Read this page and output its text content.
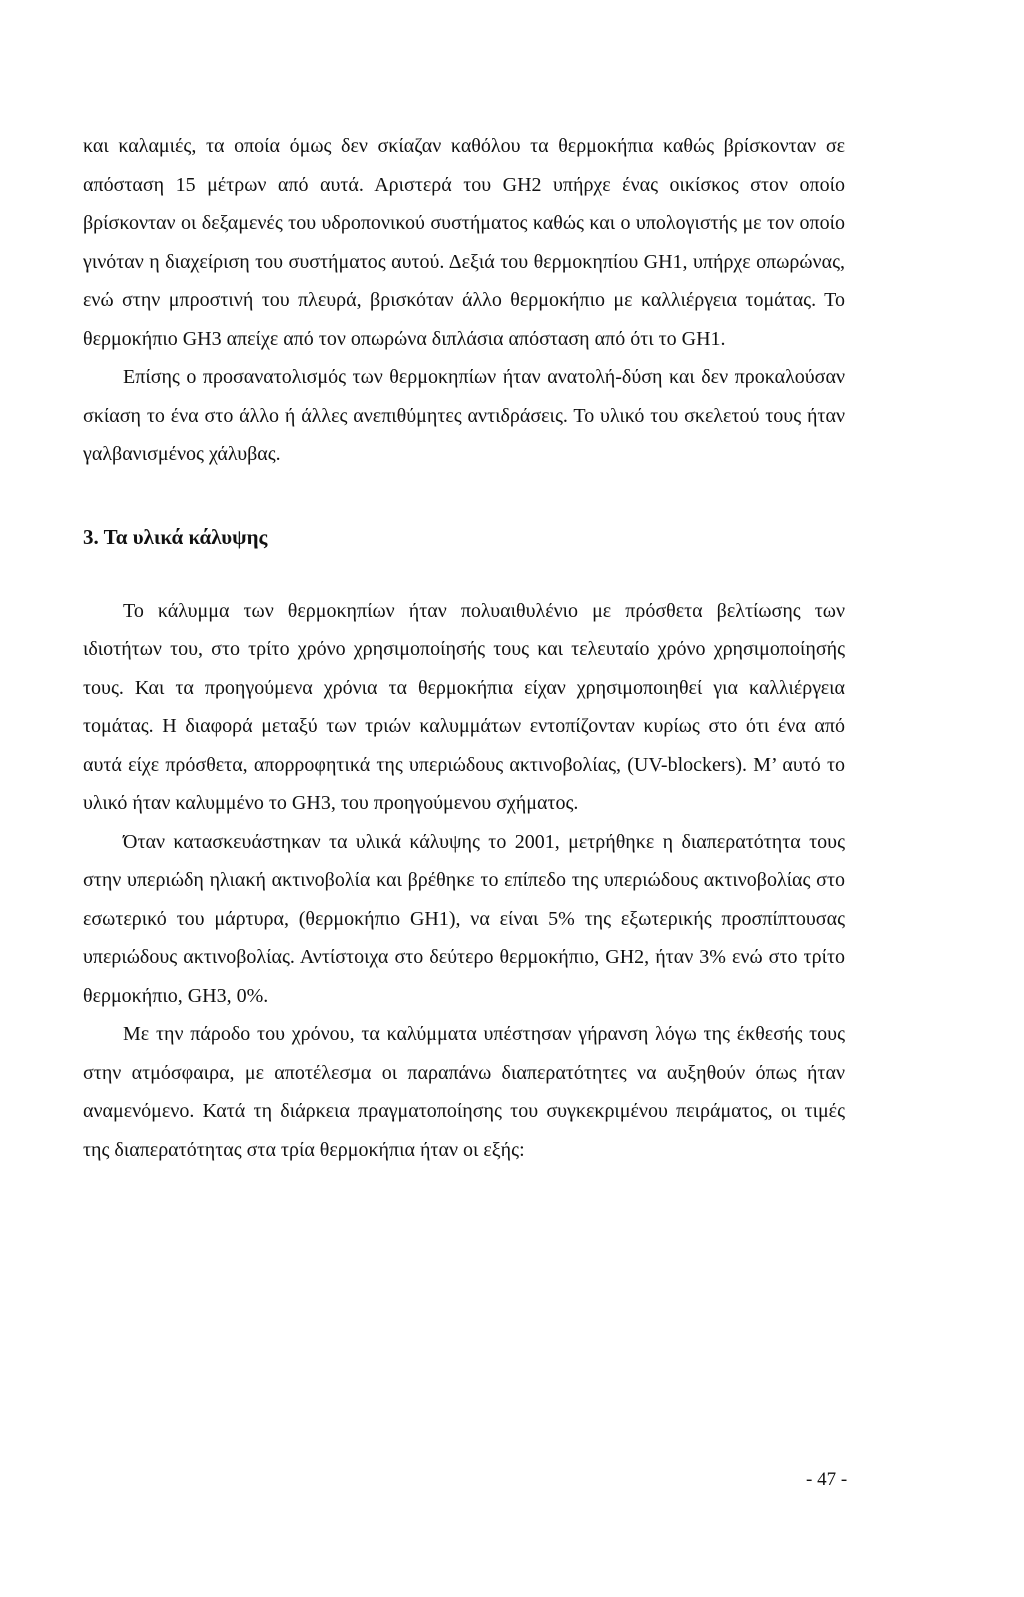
και καλαμιές, τα οποία όμως δεν σκίαζαν καθόλου τα θερμοκήπια καθώς βρίσκονταν σε απόσταση 15 μέτρων από αυτά. Αριστερά του GH2 υπήρχε ένας οικίσκος στον οποίο βρίσκονταν οι δεξαμενές του υδροπονικού συστήματος καθώς και ο υπολογιστής με τον οποίο γινόταν η διαχείριση του συστήματος αυτού. Δεξιά του θερμοκηπίου GH1, υπήρχε οπωρώνας, ενώ στην μπροστινή του πλευρά, βρισκόταν άλλο θερμοκήπιο με καλλιέργεια τομάτας. Το θερμοκήπιο GH3 απείχε από τον οπωρώνα διπλάσια απόσταση από ότι το GH1.

Επίσης ο προσανατολισμός των θερμοκηπίων ήταν ανατολή-δύση και δεν προκαλούσαν σκίαση το ένα στο άλλο ή άλλες ανεπιθύμητες αντιδράσεις. Το υλικό του σκελετού τους ήταν γαλβανισμένος χάλυβας.

3. Τα υλικά κάλυψης

Το κάλυμμα των θερμοκηπίων ήταν πολυαιθυλένιο με πρόσθετα βελτίωσης των ιδιοτήτων του, στο τρίτο χρόνο χρησιμοποίησής τους και τελευταίο χρόνο χρησιμοποίησής τους. Και τα προηγούμενα χρόνια τα θερμοκήπια είχαν χρησιμοποιηθεί για καλλιέργεια τομάτας. Η διαφορά μεταξύ των τριών καλυμμάτων εντοπίζονταν κυρίως στο ότι ένα από αυτά είχε πρόσθετα, απορροφητικά της υπεριώδους ακτινοβολίας, (UV-blockers). Μ’ αυτό το υλικό ήταν καλυμμένο το GH3, του προηγούμενου σχήματος.

Όταν κατασκευάστηκαν τα υλικά κάλυψης το 2001, μετρήθηκε η διαπερατότητα τους στην υπεριώδη ηλιακή ακτινοβολία και βρέθηκε το επίπεδο της υπεριώδους ακτινοβολίας στο εσωτερικό του μάρτυρα, (θερμοκήπιο GH1), να είναι 5% της εξωτερικής προσπίπτουσας υπεριώδους ακτινοβολίας. Αντίστοιχα στο δεύτερο θερμοκήπιο, GH2, ήταν 3% ενώ στο τρίτο θερμοκήπιο, GH3, 0%.

Με την πάροδο του χρόνου, τα καλύμματα υπέστησαν γήρανση λόγω της έκθεσής τους στην ατμόσφαιρα, με αποτέλεσμα οι παραπάνω διαπερατότητες να αυξηθούν όπως ήταν αναμενόμενο. Κατά τη διάρκεια πραγματοποίησης του συγκεκριμένου πειράματος, οι τιμές της διαπερατότητας στα τρία θερμοκήπια ήταν οι εξής:

- 47 -
